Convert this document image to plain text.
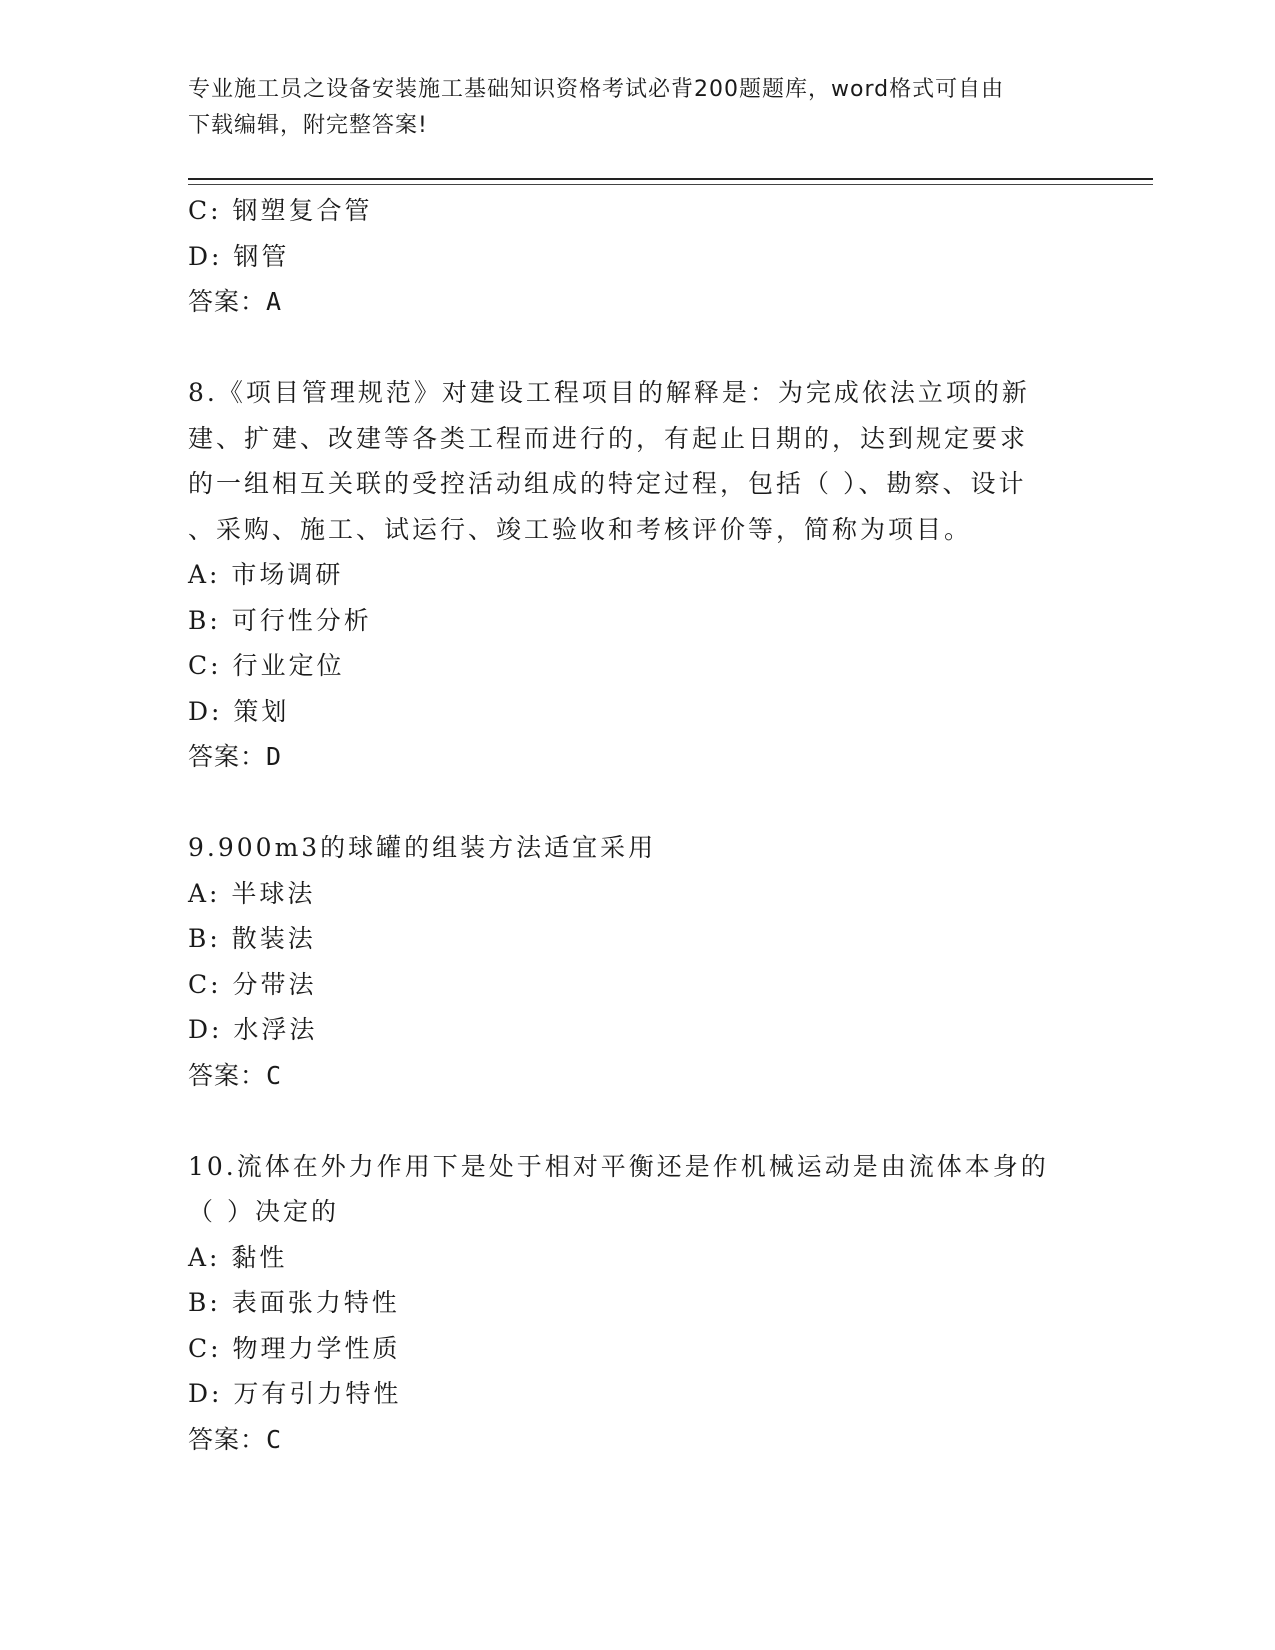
专业施工员之设备安装施工基础知识资格考试必背200题题库，word格式可自由
下载编辑，附完整答案!
C: 钢塑复合管
D: 钢管
答案：A
8.《项目管理规范》对建设工程项目的解释是：为完成依法立项的新
建、扩建、改建等各类工程而进行的，有起止日期的，达到规定要求
的一组相互关联的受控活动组成的特定过程，包括（ ）、勘察、设计
、采购、施工、试运行、竣工验收和考核评价等，简称为项目。
A: 市场调研
B: 可行性分析
C: 行业定位
D: 策划
答案：D
9.900m3的球罐的组装方法适宜采用
A: 半球法
B: 散装法
C: 分带法
D: 水浮法
答案：C
10.流体在外力作用下是处于相对平衡还是作机械运动是由流体本身的
（ ）决定的
A: 黏性
B: 表面张力特性
C: 物理力学性质
D: 万有引力特性
答案：C
